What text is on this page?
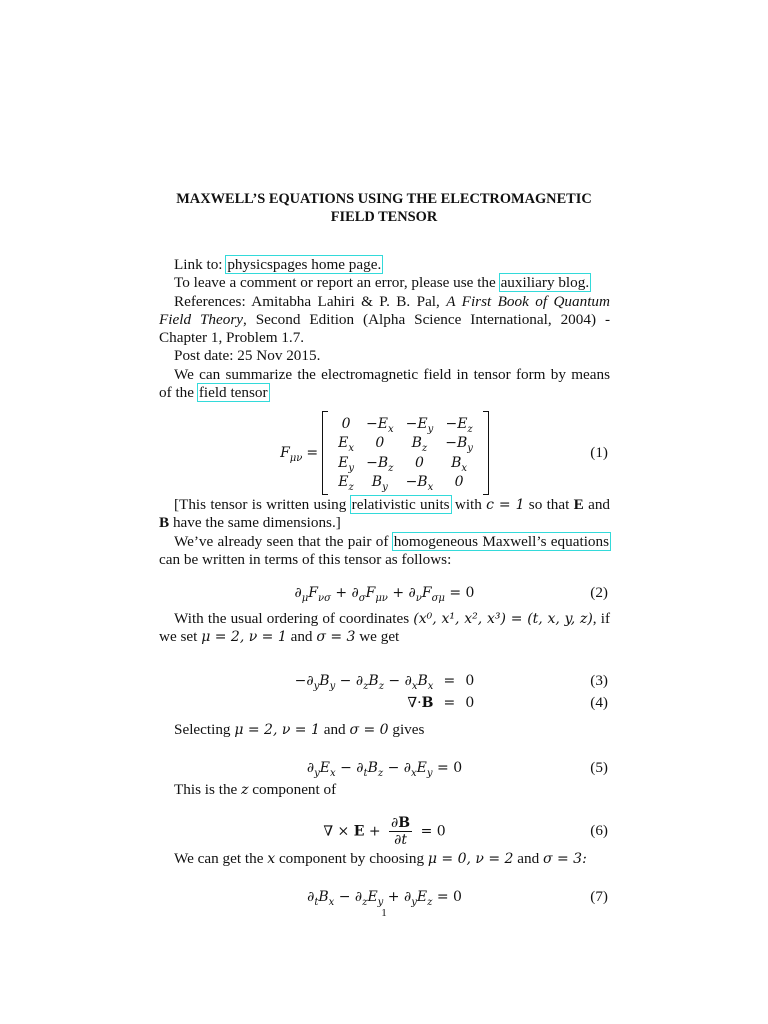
MAXWELL’S EQUATIONS USING THE ELECTROMAGNETIC
FIELD TENSOR

Link to: physicspages home page.

To leave a comment or report an error, please use the auxiliary blog.

References: Amitabha Lahiri & P. B. Pal, A First Book of Quantum Field Theory, Second Edition (Alpha Science International, 2004) - Chapter 1, Problem 1.7.

Post date: 25 Nov 2015.

We can summarize the electromagnetic field in tensor form by means of the field tensor

$F_{\mu\nu}$ =
0	$-E_x$	$-E_y$	$-E_z$
$E_x$	0	$B_z$	$-B_y$
$E_y$	$-B_z$	0	$B_x$
$E_z$	$B_y$	$-B_x$	0
(1)

[This tensor is written using relativistic units with c = 1 so that E and B have the same dimensions.]

We’ve already seen that the pair of homogeneous Maxwell’s equations can be written in terms of this tensor as follows:

$\partial_\mu F_{\nu\sigma} + \partial_\sigma F_{\mu\nu} + \partial_\nu F_{\sigma\mu} = 0$	(2)

With the usual ordering of coordinates (x⁰, x¹, x², x³) = (t, x, y, z), if we set μ = 2, ν = 1 and σ = 3 we get

$-\partial_yB_y - \partial_zB_z - \partial_xB_x = 0$
∇·B = 0
(3)
(4)

Selecting μ = 2, ν = 1 and σ = 0 gives

$\partial_yE_x - \partial_tB_z - \partial_xE_y = 0$	(5)

This is the z component of

∇ × $E + \frac{\partial B}{\partial t} = 0$	(6)

We can get the x component by choosing μ = 0, ν = 2 and σ = 3:

$\partial_tB_x - \partial_zE_y + \partial_yE_z = 0$	(7)
1
